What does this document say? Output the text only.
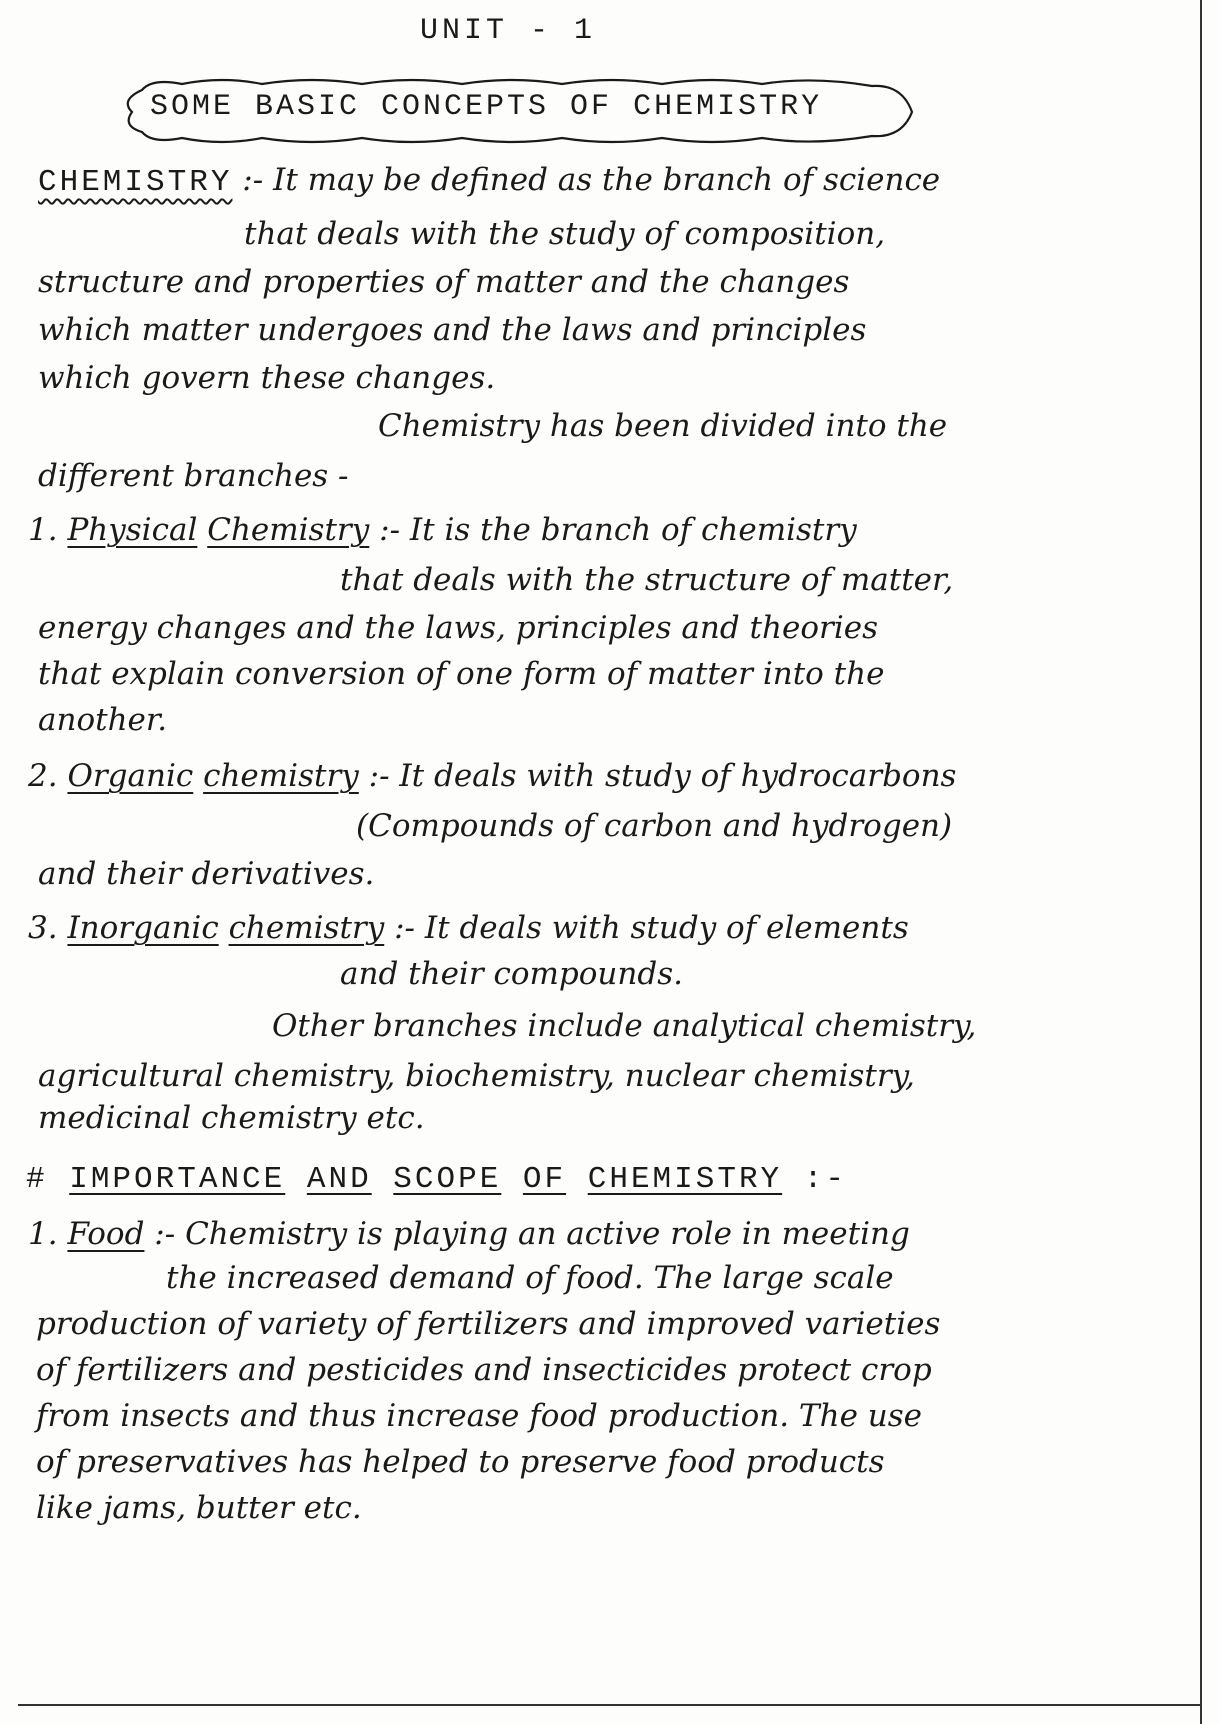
UNIT - 1
SOME BASIC CONCEPTS OF CHEMISTRY
CHEMISTRY :- It may be defined as the branch of science
that deals with the study of composition,
structure and properties of matter and the changes
which matter undergoes and the laws and principles
which govern these changes.
Chemistry has been divided into the
different branches -
1. Physical Chemistry :- It is the branch of chemistry
that deals with the structure of matter,
energy changes and the laws, principles and theories
that explain conversion of one form of matter into the
another.
2. Organic chemistry :- It deals with study of hydrocarbons
(Compounds of carbon and hydrogen)
and their derivatives.
3. Inorganic chemistry :- It deals with study of elements
and their compounds.
Other branches include analytical chemistry,
agricultural chemistry, biochemistry, nuclear chemistry,
medicinal chemistry etc.
# IMPORTANCE AND SCOPE OF CHEMISTRY :-
1. Food :- Chemistry is playing an active role in meeting
the increased demand of food. The large scale
production of variety of fertilizers and improved varieties
of fertilizers and pesticides and insecticides protect crop
from insects and thus increase food production. The use
of preservatives has helped to preserve food products
like jams, butter etc.
